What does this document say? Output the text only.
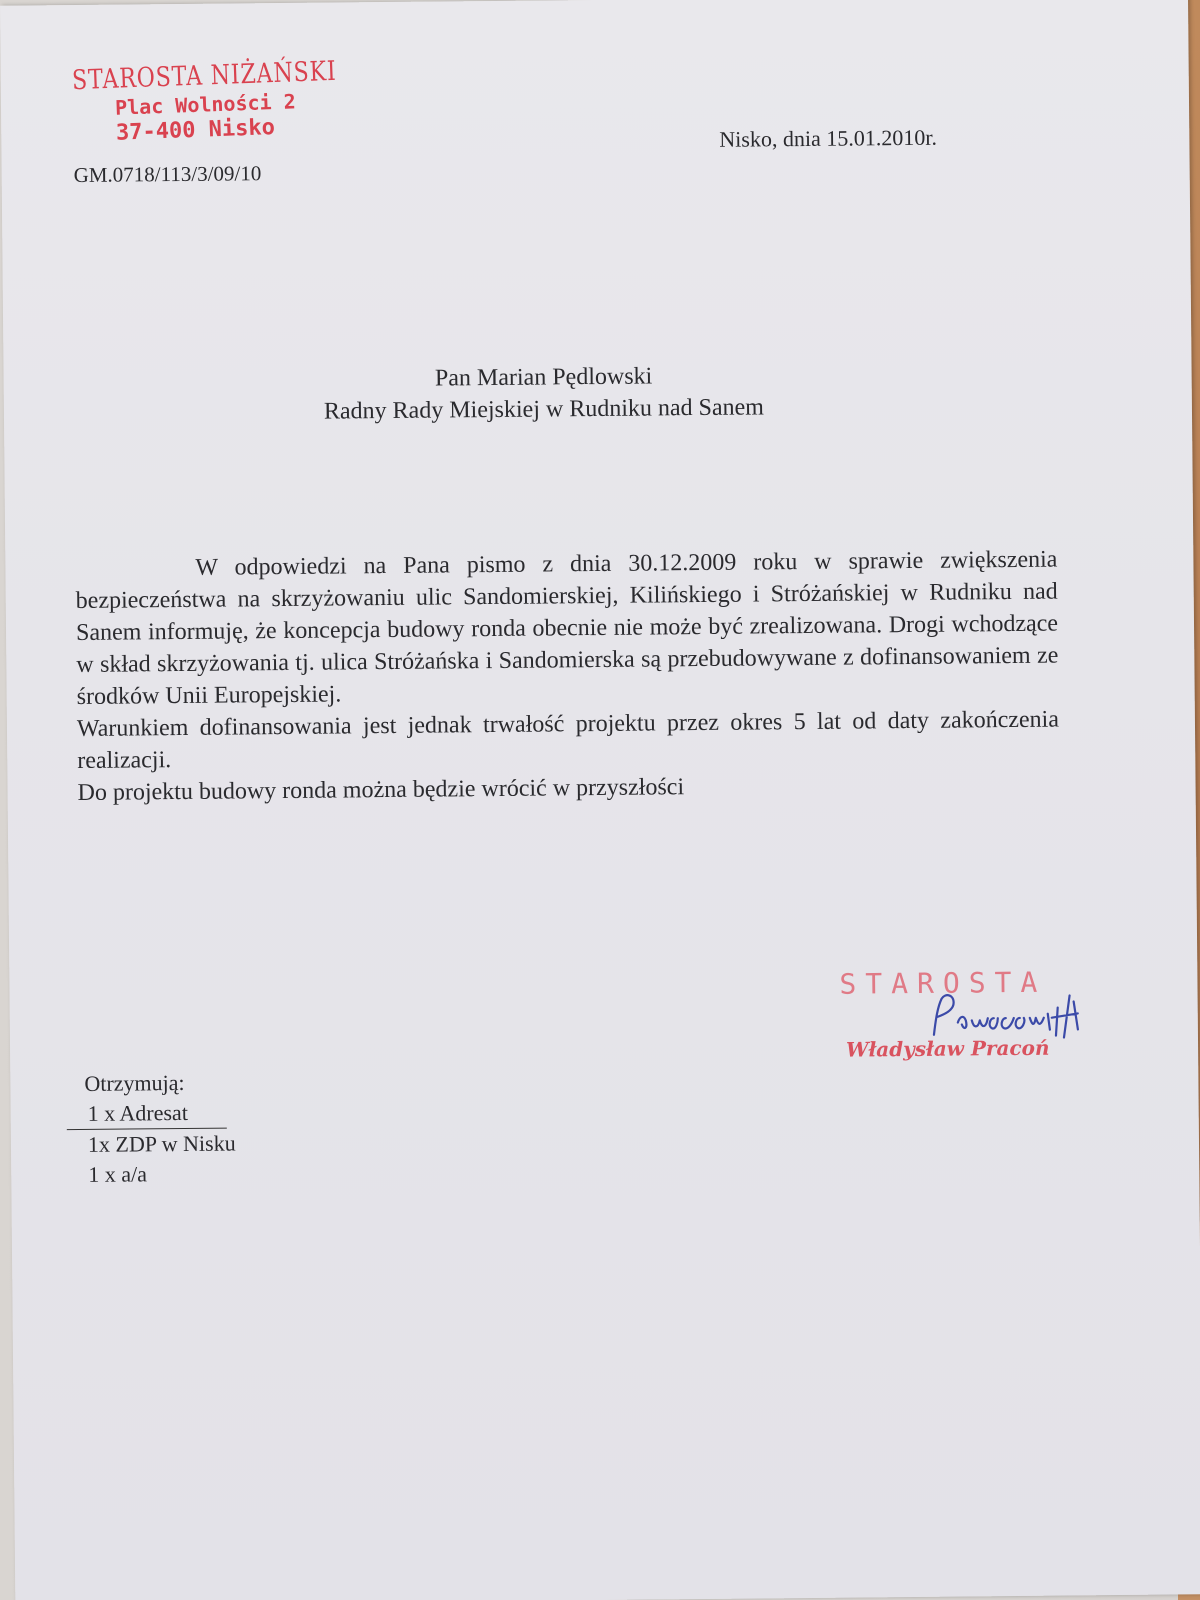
STAROSTA NIŻAŃSKI
Plac Wolności 2
37-400 Nisko
GM.0718/113/3/09/10
Nisko, dnia 15.01.2010r.
Pan Marian Pędlowski
Radny Rady Miejskiej w Rudniku nad Sanem

W odpowiedzi na Pana pismo z dnia 30.12.2009 roku w sprawie zwiększenia bezpieczeństwa na skrzyżowaniu ulic Sandomierskiej, Kilińskiego i Stróżańskiej w Rudniku nad Sanem informuję, że koncepcja budowy ronda obecnie nie może być zrealizowana. Drogi wchodzące w skład skrzyżowania tj. ulica Stróżańska i Sandomierska są przebudowywane z dofinansowaniem ze środków Unii Europejskiej.

Warunkiem dofinansowania jest jednak trwałość projektu przez okres 5 lat od daty zakończenia realizacji.

Do projektu budowy ronda można będzie wrócić w przyszłości

STAROSTA
Władysław Pracoń
Otrzymują:
1 x Adresat
1x ZDP w Nisku
1 x a/a
